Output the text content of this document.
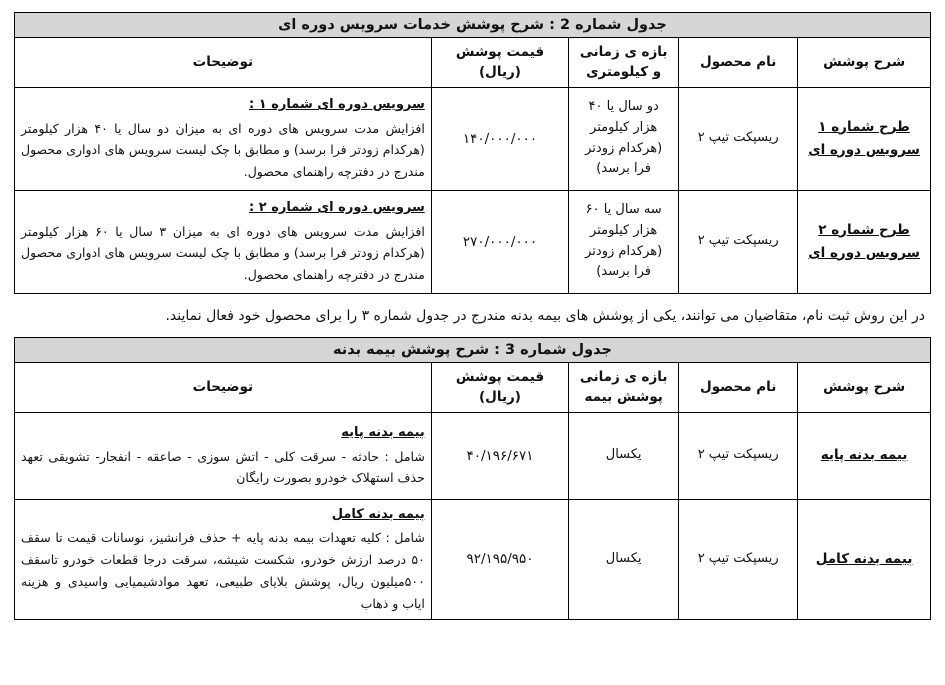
جدول شماره 2 : شرح پوشش خدمات سرویس دوره ای				
شرح پوشش	نام محصول	بازه ی زمانی و کیلومتری	قیمت پوشش (ریال)	توضیحات
طرح شماره ۱ سرویس دوره ای	ریسپکت تیپ ۲	دو سال یا ۴۰ هزار کیلومتر (هرکدام زودتر فرا برسد)	۱۴۰/۰۰۰/۰۰۰	سرویس دوره ای شماره ۱ :
افزایش مدت سرویس های دوره ای به میزان دو سال یا ۴۰ هزار کیلومتر (هرکدام زودتر فرا برسد) و مطابق با چک لیست سرویس های ادواری محصول مندرج در دفترچه راهنمای محصول.

طرح شماره ۲ سرویس دوره ای	ریسپکت تیپ ۲	سه سال یا ۶۰ هزار کیلومتر (هرکدام زودتر فرا برسد)	۲۷۰/۰۰۰/۰۰۰	سرویس دوره ای شماره ۲ :
افزایش مدت سرویس های دوره ای به میزان ۳ سال یا ۶۰ هزار کیلومتر (هرکدام زودتر فرا برسد) و مطابق با چک لیست سرویس های ادواری محصول مندرج در دفترچه راهنمای محصول.

در این روش ثبت نام، متقاضیان می توانند، یکی از پوشش های بیمه بدنه مندرج در جدول شماره ۳ را برای محصول خود فعال نمایند.

جدول شماره 3 : شرح پوشش بیمه بدنه				
شرح پوشش	نام محصول	بازه ی زمانی پوشش بیمه	قیمت پوشش (ریال)	توضیحات
بیمه بدنه پایه	ریسپکت تیپ ۲	یکسال	۴۰/۱۹۶/۶۷۱	بیمه بدنه پایه
شامل : حادثه - سرقت کلی - اتش سوزی - صاعقه - انفجار- تشویقی تعهد حذف استهلاک خودرو بصورت رایگان

بیمه بدنه کامل	ریسپکت تیپ ۲	یکسال	۹۲/۱۹۵/۹۵۰	بیمه بدنه کامل
شامل : کلیه تعهدات بیمه بدنه پایه + حذف فرانشیز، نوسانات قیمت تا سقف ۵۰ درصد ارزش خودرو، شکست شیشه، سرقت درجا قطعات خودرو تاسقف ۵۰۰میلیون ریال، پوشش بلایای طبیعی، تعهد موادشیمیایی واسیدی و هزینه ایاب و ذهاب
